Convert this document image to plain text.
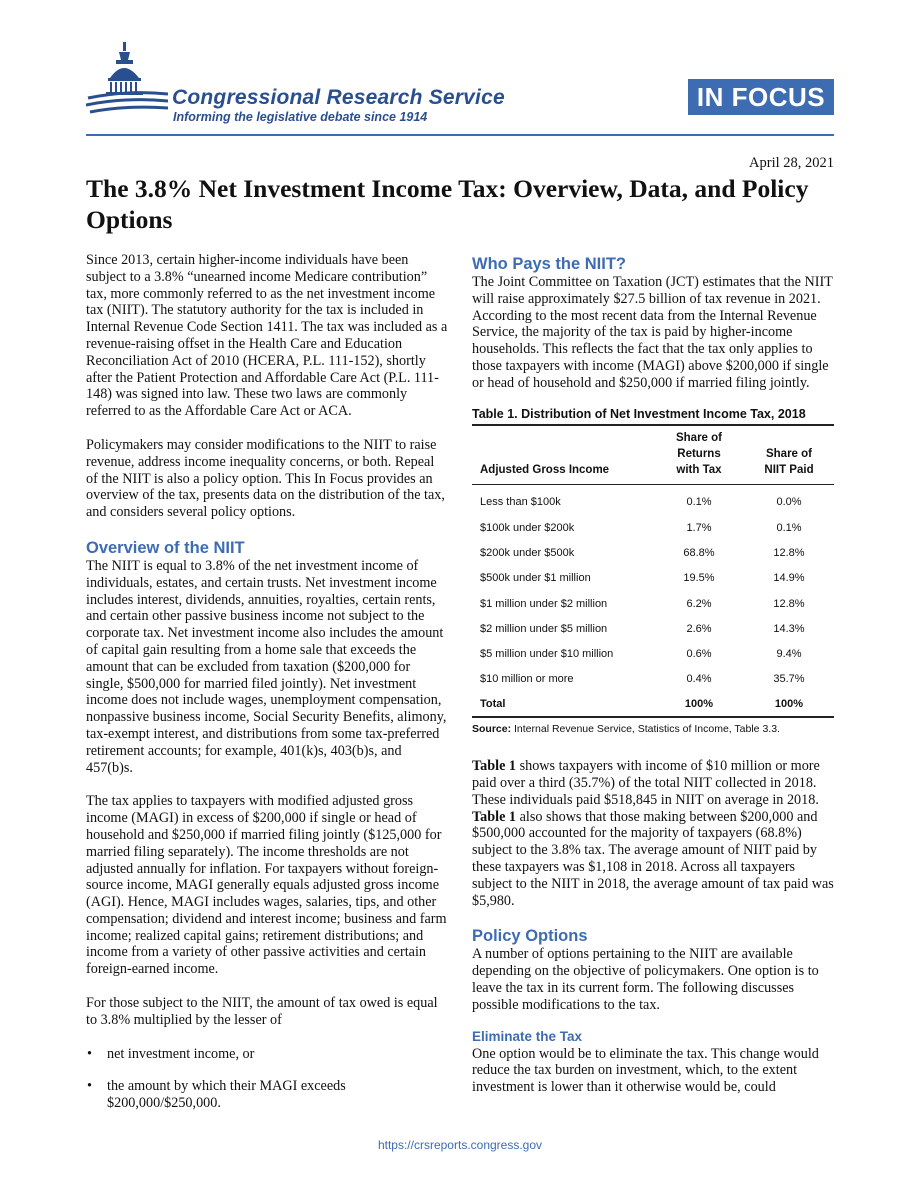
Congressional Research Service
Informing the legislative debate since 1914
IN FOCUS
April 28, 2021
The 3.8% Net Investment Income Tax: Overview, Data, and Policy Options

Since 2013, certain higher-income individuals have been subject to a 3.8% “unearned income Medicare contribution” tax, more commonly referred to as the net investment income tax (NIIT). The statutory authority for the tax is included in Internal Revenue Code Section 1411. The tax was included as a revenue-raising offset in the Health Care and Education Reconciliation Act of 2010 (HCERA, P.L. 111-152), shortly after the Patient Protection and Affordable Care Act (P.L. 111-148) was signed into law. These two laws are commonly referred to as the Affordable Care Act or ACA.

Policymakers may consider modifications to the NIIT to raise revenue, address income inequality concerns, or both. Repeal of the NIIT is also a policy option. This In Focus provides an overview of the tax, presents data on the distribution of the tax, and considers several policy options.

Overview of the NIIT

The NIIT is equal to 3.8% of the net investment income of individuals, estates, and certain trusts. Net investment income includes interest, dividends, annuities, royalties, certain rents, and certain other passive business income not subject to the corporate tax. Net investment income also includes the amount of capital gain resulting from a home sale that exceeds the amount that can be excluded from taxation ($200,000 for single, $500,000 for married filed jointly). Net investment income does not include wages, unemployment compensation, nonpassive business income, Social Security Benefits, alimony, tax-exempt interest, and distributions from some tax-preferred retirement accounts; for example, 401(k)s, 403(b)s, and 457(b)s.

The tax applies to taxpayers with modified adjusted gross income (MAGI) in excess of $200,000 if single or head of household and $250,000 if married filing jointly ($125,000 for married filing separately). The income thresholds are not adjusted annually for inflation. For taxpayers without foreign-source income, MAGI generally equals adjusted gross income (AGI). Hence, MAGI includes wages, salaries, tips, and other compensation; dividend and interest income; business and farm income; realized capital gains; retirement distributions; and income from a variety of other passive activities and certain foreign-earned income.

For those subject to the NIIT, the amount of tax owed is equal to 3.8% multiplied by the lesser of

• net investment income, or
• the amount by which their MAGI exceeds $200,000/$250,000.
Who Pays the NIIT?

The Joint Committee on Taxation (JCT) estimates that the NIIT will raise approximately $27.5 billion of tax revenue in 2021. According to the most recent data from the Internal Revenue Service, the majority of the tax is paid by higher-income households. This reflects the fact that the tax only applies to those taxpayers with income (MAGI) above $200,000 if single or head of household and $250,000 if married filing jointly.

Table 1. Distribution of Net Investment Income Tax, 2018
Adjusted Gross Income	Share of
Returns
with Tax	Share of
NIIT Paid

Less than $100k	0.1%	0.0%
$100k under $200k	1.7%	0.1%
$200k under $500k	68.8%	12.8%
$500k under $1 million	19.5%	14.9%
$1 million under $2 million	6.2%	12.8%
$2 million under $5 million	2.6%	14.3%
$5 million under $10 million	0.6%	9.4%
$10 million or more	0.4%	35.7%
Total	100%	100%
Source: Internal Revenue Service, Statistics of Income, Table 3.3.

Table 1 shows taxpayers with income of $10 million or more paid over a third (35.7%) of the total NIIT collected in 2018. These individuals paid $518,845 in NIIT on average in 2018. Table 1 also shows that those making between $200,000 and $500,000 accounted for the majority of taxpayers (68.8%) subject to the 3.8% tax. The average amount of NIIT paid by these taxpayers was $1,108 in 2018. Across all taxpayers subject to the NIIT in 2018, the average amount of tax paid was $5,980.

Policy Options

A number of options pertaining to the NIIT are available depending on the objective of policymakers. One option is to leave the tax in its current form. The following discusses possible modifications to the tax.

Eliminate the Tax

One option would be to eliminate the tax. This change would reduce the tax burden on investment, which, to the extent investment is lower than it otherwise would be, could

https://crsreports.congress.gov
